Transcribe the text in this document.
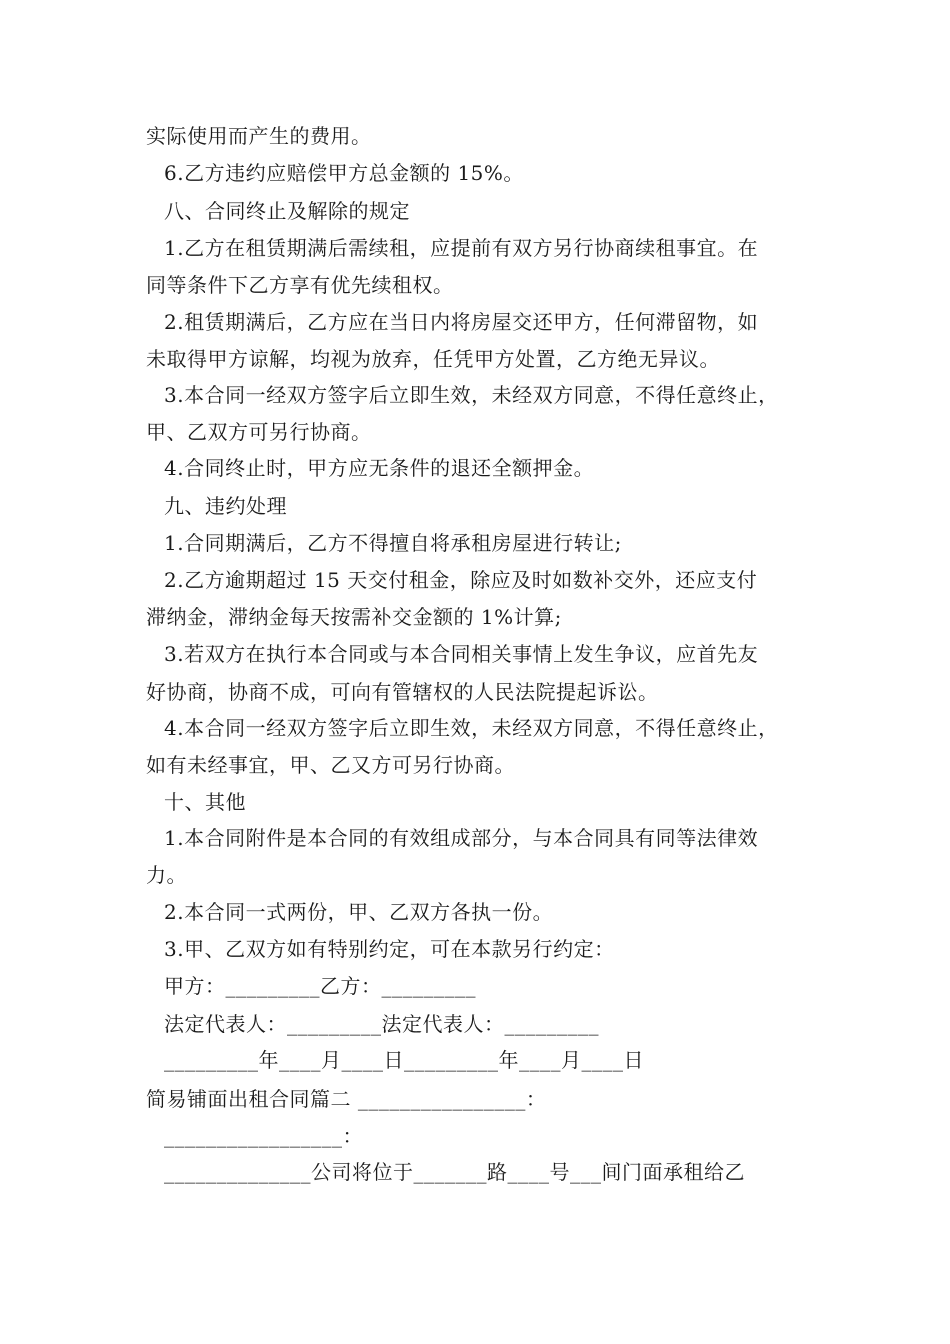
实际使用而产生的费用。
6.乙方违约应赔偿甲方总金额的 15%。
八、合同终止及解除的规定
1.乙方在租赁期满后需续租，应提前有双方另行协商续租事宜。在
同等条件下乙方享有优先续租权。
2.租赁期满后，乙方应在当日内将房屋交还甲方，任何滞留物，如
未取得甲方谅解，均视为放弃，任凭甲方处置，乙方绝无异议。
3.本合同一经双方签字后立即生效，未经双方同意，不得任意终止，
甲、乙双方可另行协商。
4.合同终止时，甲方应无条件的退还全额押金。
九、违约处理
1.合同期满后，乙方不得擅自将承租房屋进行转让;
2.乙方逾期超过 15 天交付租金，除应及时如数补交外，还应支付
滞纳金，滞纳金每天按需补交金额的 1%计算;
3.若双方在执行本合同或与本合同相关事情上发生争议，应首先友
好协商，协商不成，可向有管辖权的人民法院提起诉讼。
4.本合同一经双方签字后立即生效，未经双方同意，不得任意终止，
如有未经事宜，甲、乙又方可另行协商。
十、其他
1.本合同附件是本合同的有效组成部分，与本合同具有同等法律效
力。
2.本合同一式两份，甲、乙双方各执一份。
3.甲、乙双方如有特别约定，可在本款另行约定：
甲方：_________乙方：_________
法定代表人：_________法定代表人：_________
_________年____月____日_________年____月____日
简易铺面出租合同篇二 ________________：
_________________：
______________公司将位于_______路____号___间门面承租给乙
